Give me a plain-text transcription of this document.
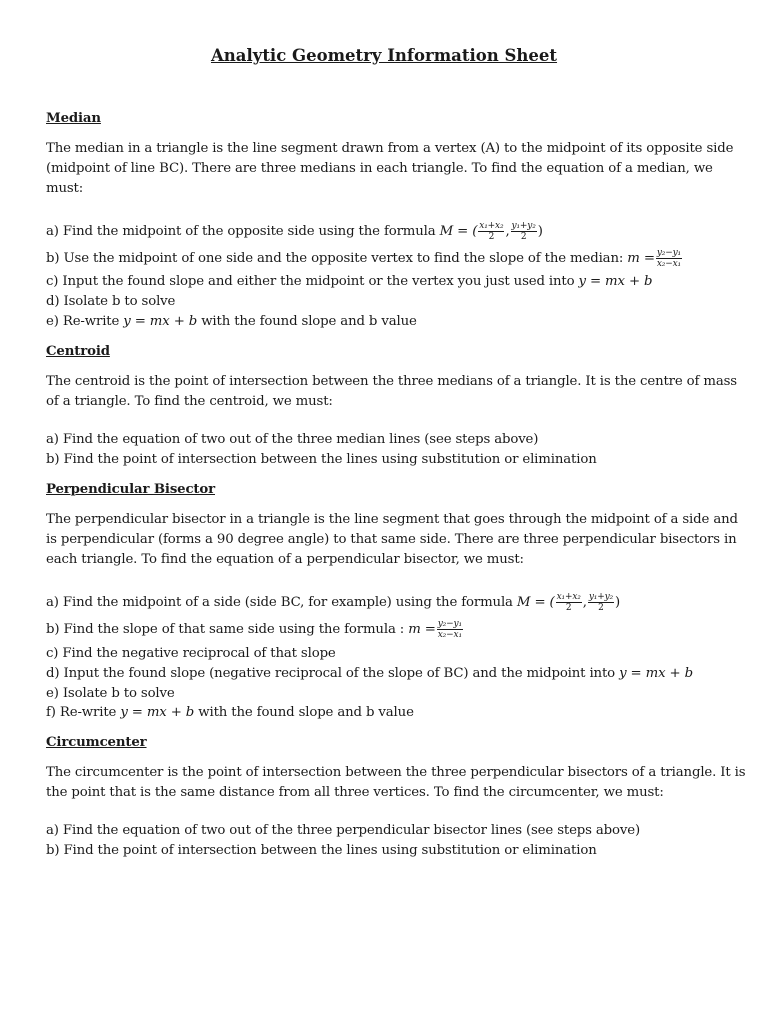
Analytic Geometry Information Sheet
Median
The median in a triangle is the line segment drawn from a vertex (A) to the midpoint of its opposite side
(midpoint of line BC). There are three medians in each triangle. To find the equation of a median, we
must:
a) Find the midpoint of the opposite side using the formula M = ( $\frac{\text{x₁+x₂}}{2}$ , $\frac{\text{y₁+y₂}}{2}$ )
b) Use the midpoint of one side and the opposite vertex to find the slope of the median: $m = \frac{\text{y₂−y₁}}{\text{x₂−x₁}}$
c) Input the found slope and either the midpoint or the vertex you just used into y = mx + b
d) Isolate b to solve
e) Re-write y = mx + b with the found slope and b value
Centroid
The centroid is the point of intersection between the three medians of a triangle. It is the centre of mass
of a triangle. To find the centroid, we must:
a) Find the equation of two out of the three median lines (see steps above)
b) Find the point of intersection between the lines using substitution or elimination
Perpendicular Bisector
The perpendicular bisector in a triangle is the line segment that goes through the midpoint of a side and
is perpendicular (forms a 90 degree angle) to that same side. There are three perpendicular bisectors in
each triangle. To find the equation of a perpendicular bisector, we must:
a) Find the midpoint of a side (side BC, for example) using the formula M = ( $\frac{\text{x₁+x₂}}{2}$ , $\frac{\text{y₁+y₂}}{2}$ )
b) Find the slope of that same side using the formula : $m = \frac{\text{y₂−y₁}}{\text{x₂−x₁}}$
c) Find the negative reciprocal of that slope
d) Input the found slope (negative reciprocal of the slope of BC) and the midpoint into y = mx + b
e) Isolate b to solve
f) Re-write y = mx + b with the found slope and b value
Circumcenter
The circumcenter is the point of intersection between the three perpendicular bisectors of a triangle. It is
the point that is the same distance from all three vertices. To find the circumcenter, we must:
a) Find the equation of two out of the three perpendicular bisector lines (see steps above)
b) Find the point of intersection between the lines using substitution or elimination
